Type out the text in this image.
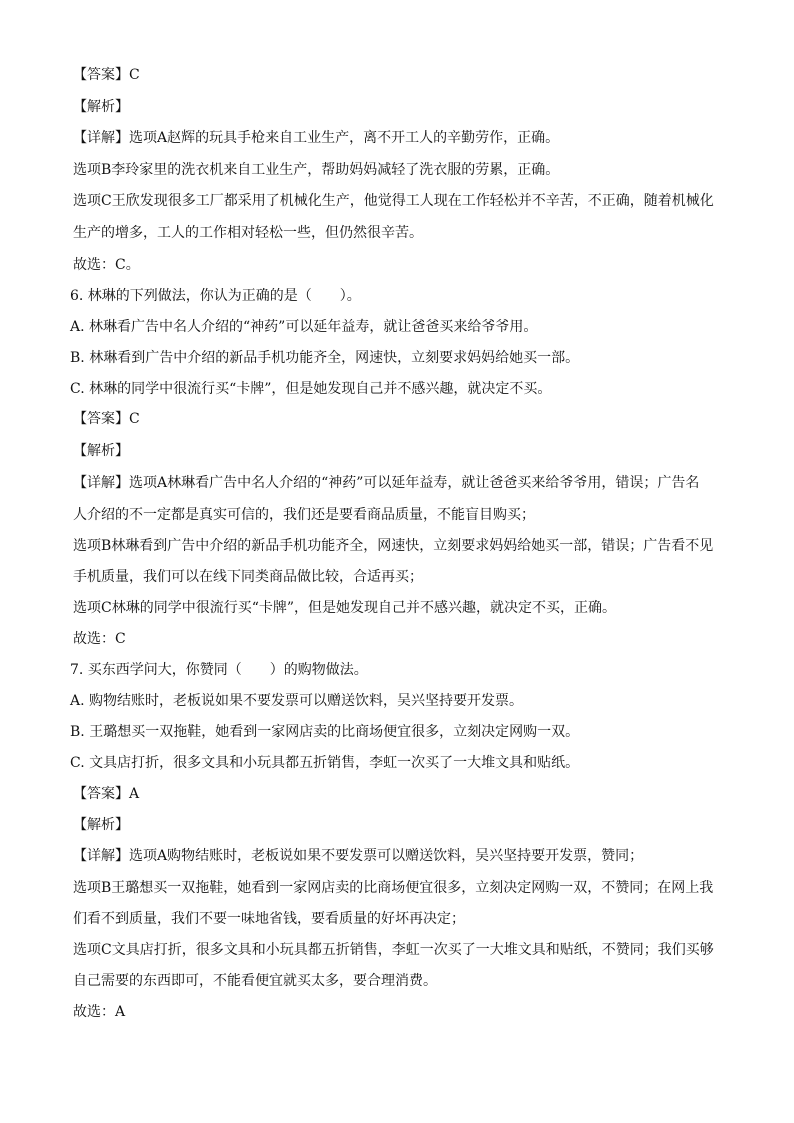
【答案】C
【解析】
【详解】选项A赵辉的玩具手枪来自工业生产，离不开工人的辛勤劳作，正确。
选项B李玲家里的洗衣机来自工业生产，帮助妈妈减轻了洗衣服的劳累，正确。
选项C王欣发现很多工厂都采用了机械化生产，他觉得工人现在工作轻松并不辛苦，不正确，随着机械化
生产的增多，工人的工作相对轻松一些，但仍然很辛苦。
故选：C。
6. 林琳的下列做法，你认为正确的是（　　）。
A. 林琳看广告中名人介绍的“神药”可以延年益寿，就让爸爸买来给爷爷用。
B. 林琳看到广告中介绍的新品手机功能齐全，网速快，立刻要求妈妈给她买一部。
C. 林琳的同学中很流行买“卡牌”，但是她发现自己并不感兴趣，就决定不买。
【答案】C
【解析】
【详解】选项A林琳看广告中名人介绍的“神药”可以延年益寿，就让爸爸买来给爷爷用，错误；广告名
人介绍的不一定都是真实可信的，我们还是要看商品质量，不能盲目购买；
选项B林琳看到广告中介绍的新品手机功能齐全，网速快，立刻要求妈妈给她买一部，错误；广告看不见
手机质量，我们可以在线下同类商品做比较，合适再买；
选项C林琳的同学中很流行买“卡牌”，但是她发现自己并不感兴趣，就决定不买，正确。
故选：C
7. 买东西学问大，你赞同（　　）的购物做法。
A. 购物结账时，老板说如果不要发票可以赠送饮料，吴兴坚持要开发票。
B. 王璐想买一双拖鞋，她看到一家网店卖的比商场便宜很多，立刻决定网购一双。
C. 文具店打折，很多文具和小玩具都五折销售，李虹一次买了一大堆文具和贴纸。
【答案】A
【解析】
【详解】选项A购物结账时，老板说如果不要发票可以赠送饮料，吴兴坚持要开发票，赞同；
选项B王璐想买一双拖鞋，她看到一家网店卖的比商场便宜很多，立刻决定网购一双，不赞同；在网上我
们看不到质量，我们不要一味地省钱，要看质量的好坏再决定；
选项C文具店打折，很多文具和小玩具都五折销售，李虹一次买了一大堆文具和贴纸，不赞同；我们买够
自己需要的东西即可，不能看便宜就买太多，要合理消费。
故选：A
